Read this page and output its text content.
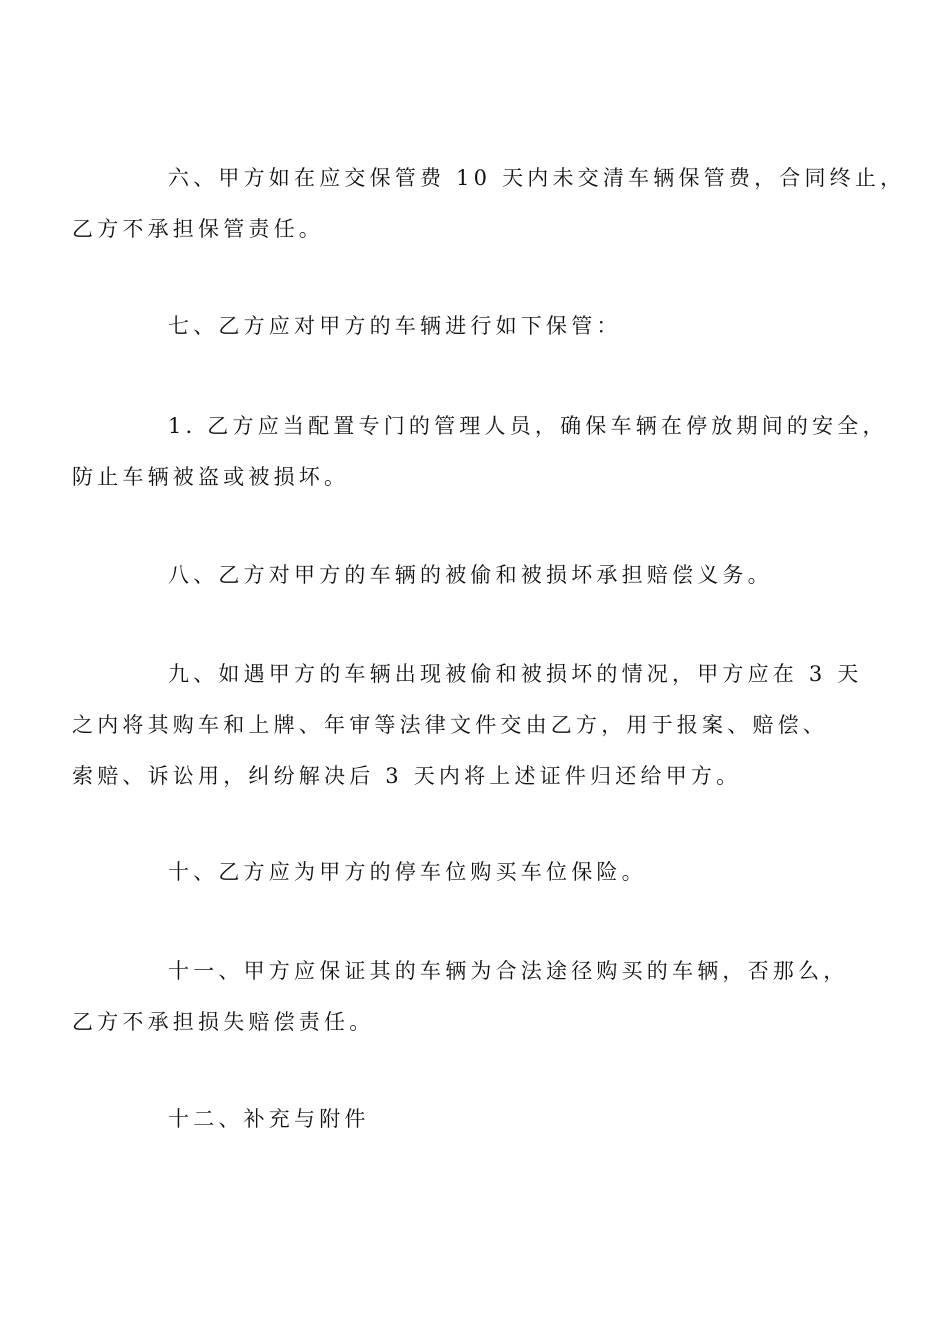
六、甲方如在应交保管费 10 天内未交清车辆保管费，合同终止，
乙方不承担保管责任。
七、乙方应对甲方的车辆进行如下保管：
1. 乙方应当配置专门的管理人员，确保车辆在停放期间的安全，
防止车辆被盗或被损坏。
八、乙方对甲方的车辆的被偷和被损坏承担赔偿义务。
九、如遇甲方的车辆出现被偷和被损坏的情况，甲方应在 3 天
之内将其购车和上牌、年审等法律文件交由乙方，用于报案、赔偿、
索赔、诉讼用，纠纷解决后 3 天内将上述证件归还给甲方。
十、乙方应为甲方的停车位购买车位保险。
十一、甲方应保证其的车辆为合法途径购买的车辆，否那么，
乙方不承担损失赔偿责任。
十二、补充与附件
